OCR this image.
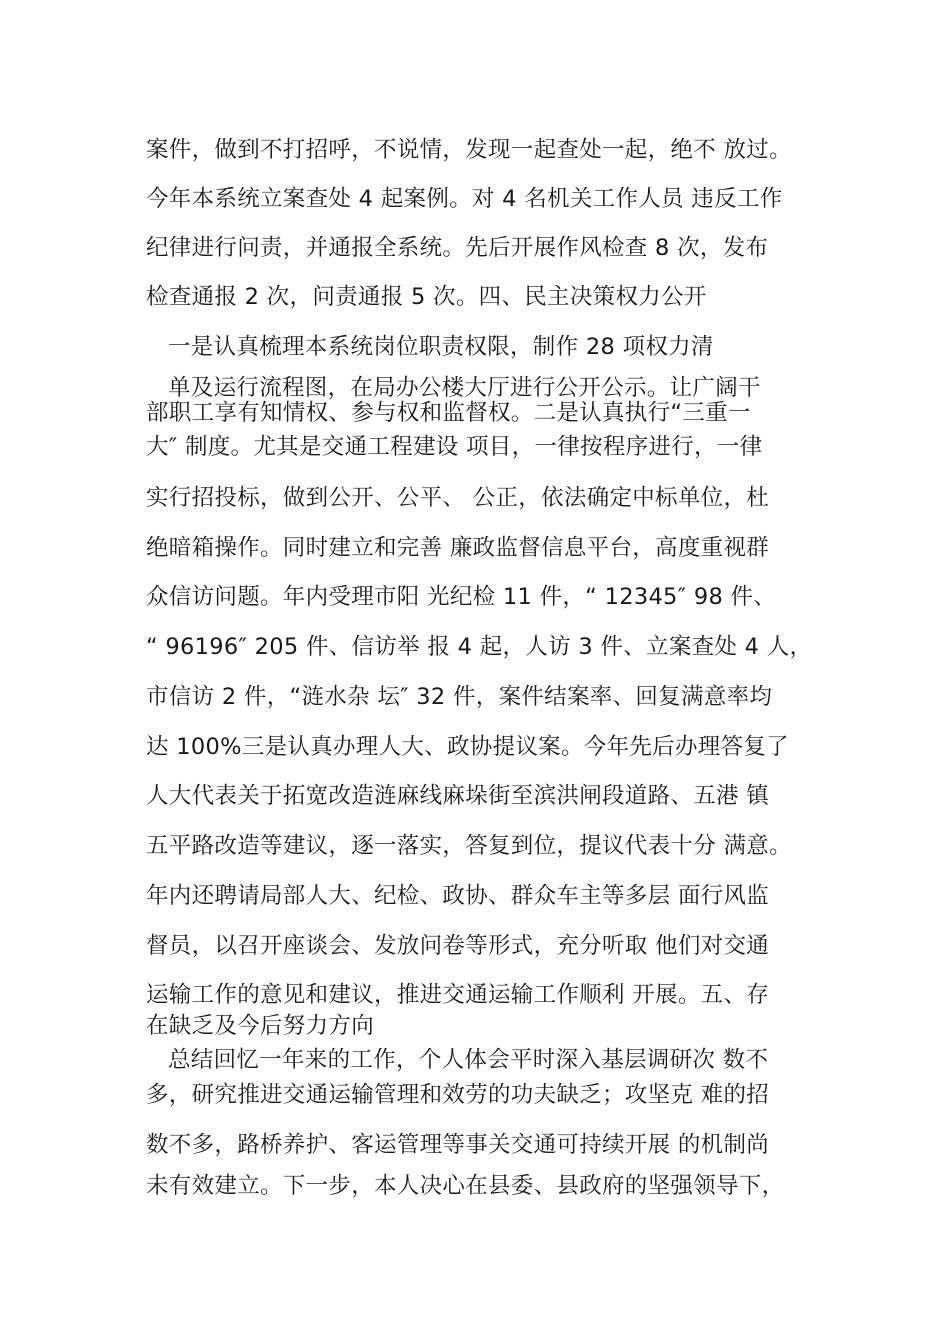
案件，做到不打招呼，不说情，发现一起查处一起，绝不 放过。
今年本系统立案查处 4 起案例。对 4 名机关工作人员 违反工作
纪律进行问责，并通报全系统。先后开展作风检查 8 次，发布
检查通报 2 次，问责通报 5 次。四、民主决策权力公开
一是认真梳理本系统岗位职责权限，制作 28 项权力清
单及运行流程图，在局办公楼大厅进行公开公示。让广阔干
部职工享有知情权、参与权和监督权。二是认真执行“三重一
大″ 制度。尤其是交通工程建设 项目，一律按程序进行，一律
实行招投标，做到公开、公平、 公正，依法确定中标单位，杜
绝暗箱操作。同时建立和完善 廉政监督信息平台，高度重视群
众信访问题。年内受理市阳 光纪检 11 件，“ 12345″ 98 件、
“ 96196″ 205 件、信访举 报 4 起，人访 3 件、立案查处 4 人，
市信访 2 件，“涟水杂 坛″ 32 件，案件结案率、回复满意率均
达 100%三是认真办理人大、政协提议案。今年先后办理答复了
人大代表关于拓宽改造涟麻线麻垛街至滨洪闸段道路、五港 镇
五平路改造等建议，逐一落实，答复到位，提议代表十分 满意。
年内还聘请局部人大、纪检、政协、群众车主等多层 面行风监
督员，以召开座谈会、发放问卷等形式，充分听取 他们对交通
运输工作的意见和建议，推进交通运输工作顺利 开展。五、存
在缺乏及今后努力方向
总结回忆一年来的工作，个人体会平时深入基层调研次 数不
多，研究推进交通运输管理和效劳的功夫缺乏；攻坚克 难的招
数不多，路桥养护、客运管理等事关交通可持续开展 的机制尚
未有效建立。下一步，本人决心在县委、县政府的坚强领导下，
